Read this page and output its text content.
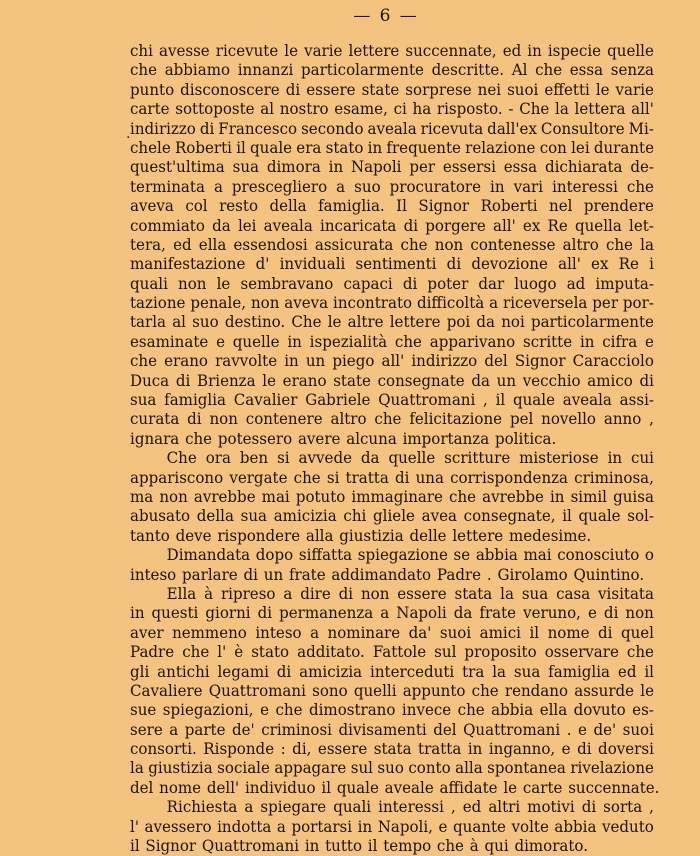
— 6 —
chi avesse ricevute le varie lettere succennate, ed in ispecie quelle
che abbiamo innanzi particolarmente descritte. Al che essa senza
punto disconoscere di essere state sorprese nei suoi effetti le varie
carte sottoposte al nostro esame, ci ha risposto. - Che la lettera all'
indirizzo di Francesco secondo aveala ricevuta dall'ex Consultore Mi-
chele Roberti il quale era stato in frequente relazione con lei durante
quest'ultima sua dimora in Napoli per essersi essa dichiarata de-
terminata a prescegliero a suo procuratore in vari interessi che
aveva col resto della famiglia. Il Signor Roberti nel prendere
commiato da lei aveala incaricata di porgere all' ex Re quella let-
tera, ed ella essendosi assicurata che non contenesse altro che la
manifestazione d' inviduali sentimenti di devozione all' ex Re i
quali non le sembravano capaci di poter dar luogo ad imputa-
tazione penale, non aveva incontrato difficoltà a riceversela per por-
tarla al suo destino. Che le altre lettere poi da noi particolarmente
esaminate e quelle in ispezialità che apparivano scritte in cifra e
che erano ravvolte in un piego all' indirizzo del Signor Caracciolo
Duca di Brienza le erano state consegnate da un vecchio amico di
sua famiglia Cavalier Gabriele Quattromani , il quale aveala assi-
curata di non contenere altro che felicitazione pel novello anno ,
ignara che potessero avere alcuna importanza politica.
Che ora ben si avvede da quelle scritture misteriose in cui
appariscono vergate che si tratta di una corrispondenza criminosa,
ma non avrebbe mai potuto immaginare che avrebbe in simil guisa
abusato della sua amicizia chi gliele avea consegnate, il quale sol-
tanto deve rispondere alla giustizia delle lettere medesime.
Dimandata dopo siffatta spiegazione se abbia mai conosciuto o
inteso parlare di un frate addimandato Padre . Girolamo Quintino.
Ella à ripreso a dire di non essere stata la sua casa visitata
in questi giorni di permanenza a Napoli da frate veruno, e di non
aver nemmeno inteso a nominare da' suoi amici il nome di quel
Padre che l' è stato additato. Fattole sul proposito osservare che
gli antichi legami di amicizia interceduti tra la sua famiglia ed il
Cavaliere Quattromani sono quelli appunto che rendano assurde le
sue spiegazioni, e che dimostrano invece che abbia ella dovuto es-
sere a parte de' criminosi divisamenti del Quattromani . e de' suoi
consorti. Risponde : di, essere stata tratta in inganno, e di doversi
la giustizia sociale appagare sul suo conto alla spontanea rivelazione
del nome dell' individuo il quale aveale affidate le carte succennate.
Richiesta a spiegare quali interessi , ed altri motivi di sorta ,
l' avessero indotta a portarsi in Napoli, e quante volte abbia veduto
il Signor Quattromani in tutto il tempo che à qui dimorato.
.
